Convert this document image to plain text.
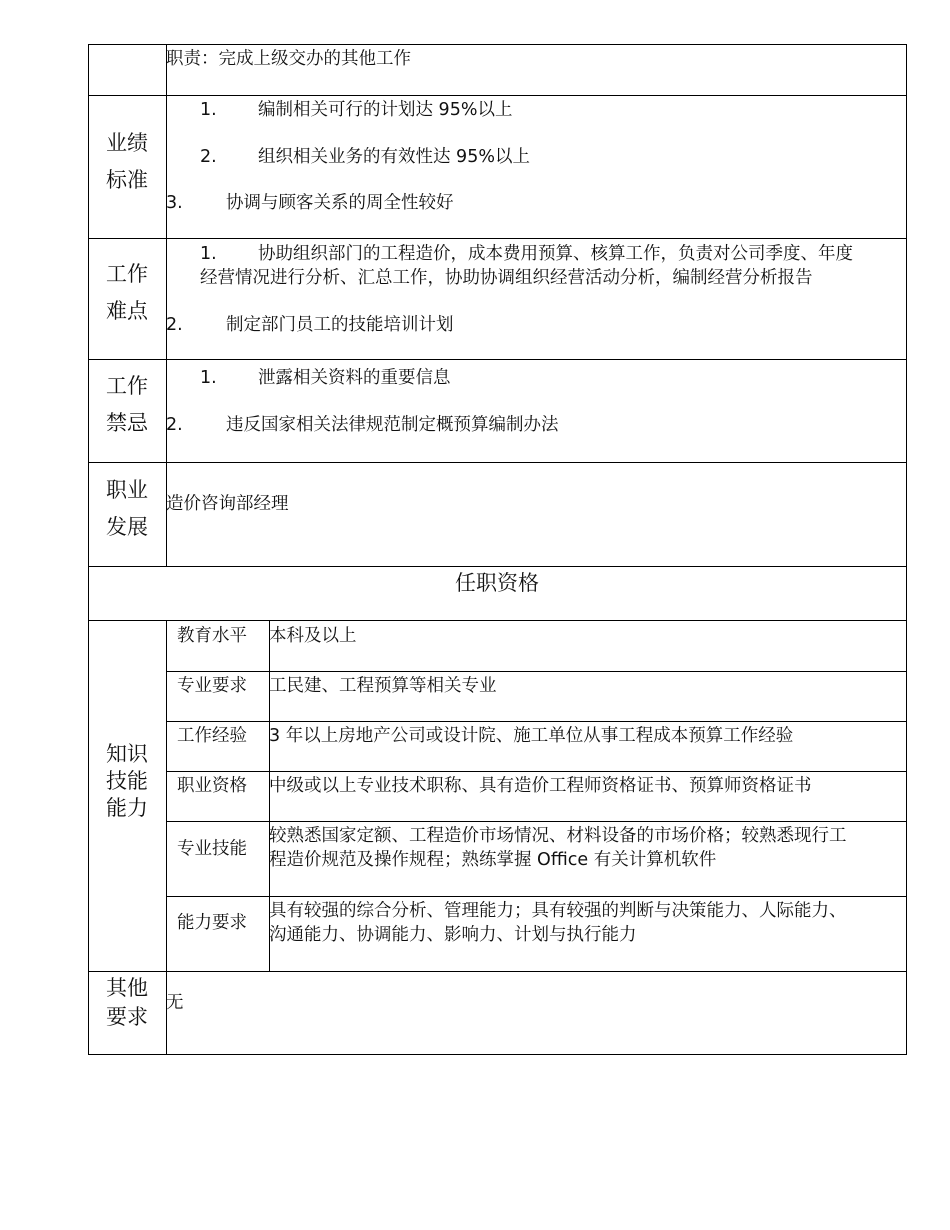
职责：完成上级交办的其他工作
业绩
标准
1. 编制相关可行的计划达 95%以上
2. 组织相关业务的有效性达 95%以上
3. 协调与顾客关系的周全性较好
工作
难点
1. 协助组织部门的工程造价，成本费用预算、核算工作，负责对公司季度、年度
经营情况进行分析、汇总工作，协助协调组织经营活动分析，编制经营分析报告
2. 制定部门员工的技能培训计划
工作
禁忌
1. 泄露相关资料的重要信息
2. 违反国家相关法律规范制定概预算编制办法
职业
发展
造价咨询部经理
任职资格
知识
技能
能力
教育水平 本科及以上
专业要求 工民建、工程预算等相关专业
工作经验 3 年以上房地产公司或设计院、施工单位从事工程成本预算工作经验
职业资格 中级或以上专业技术职称、具有造价工程师资格证书、预算师资格证书
专业技能
较熟悉国家定额、工程造价市场情况、材料设备的市场价格；较熟悉现行工
程造价规范及操作规程；熟练掌握 Office 有关计算机软件
能力要求
具有较强的综合分析、管理能力；具有较强的判断与决策能力、人际能力、
沟通能力、协调能力、影响力、计划与执行能力
其他
要求
无
